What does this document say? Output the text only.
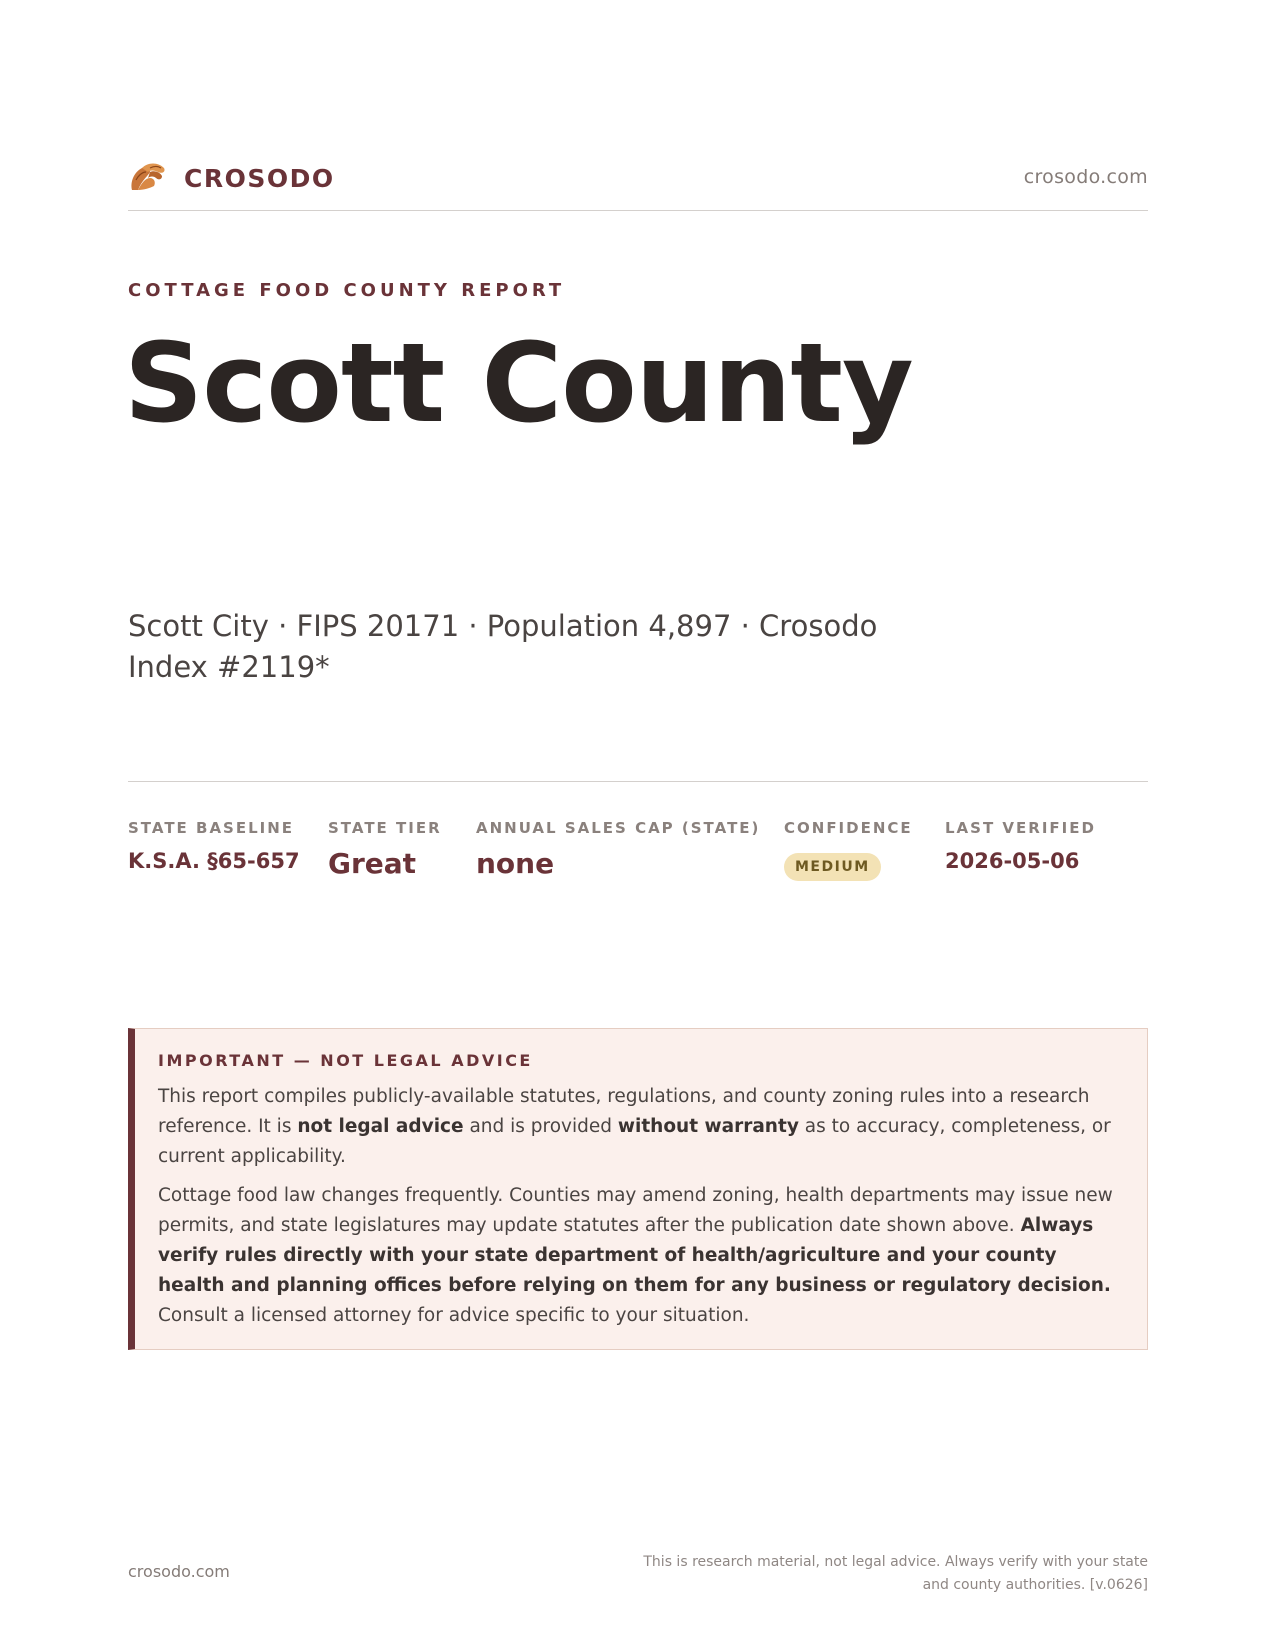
CROSODO	crosodo.com
COTTAGE FOOD COUNTY REPORT
Scott County
Scott City · FIPS 20171 · Population 4,897 · Crosodo Index #2119*
STATE BASELINE
K.S.A. §65-657
STATE TIER
Great
ANNUAL SALES CAP (STATE)
none
CONFIDENCE
MEDIUM
LAST VERIFIED
2026-05-06
IMPORTANT — NOT LEGAL ADVICE

This report compiles publicly-available statutes, regulations, and county zoning rules into a research reference. It is not legal advice and is provided without warranty as to accuracy, completeness, or current applicability.

Cottage food law changes frequently. Counties may amend zoning, health departments may issue new permits, and state legislatures may update statutes after the publication date shown above. Always verify rules directly with your state department of health/agriculture and your county health and planning offices before relying on them for any business or regulatory decision. Consult a licensed attorney for advice specific to your situation.

crosodo.com	This is research material, not legal advice. Always verify with your state and county authorities. [v.0626]
